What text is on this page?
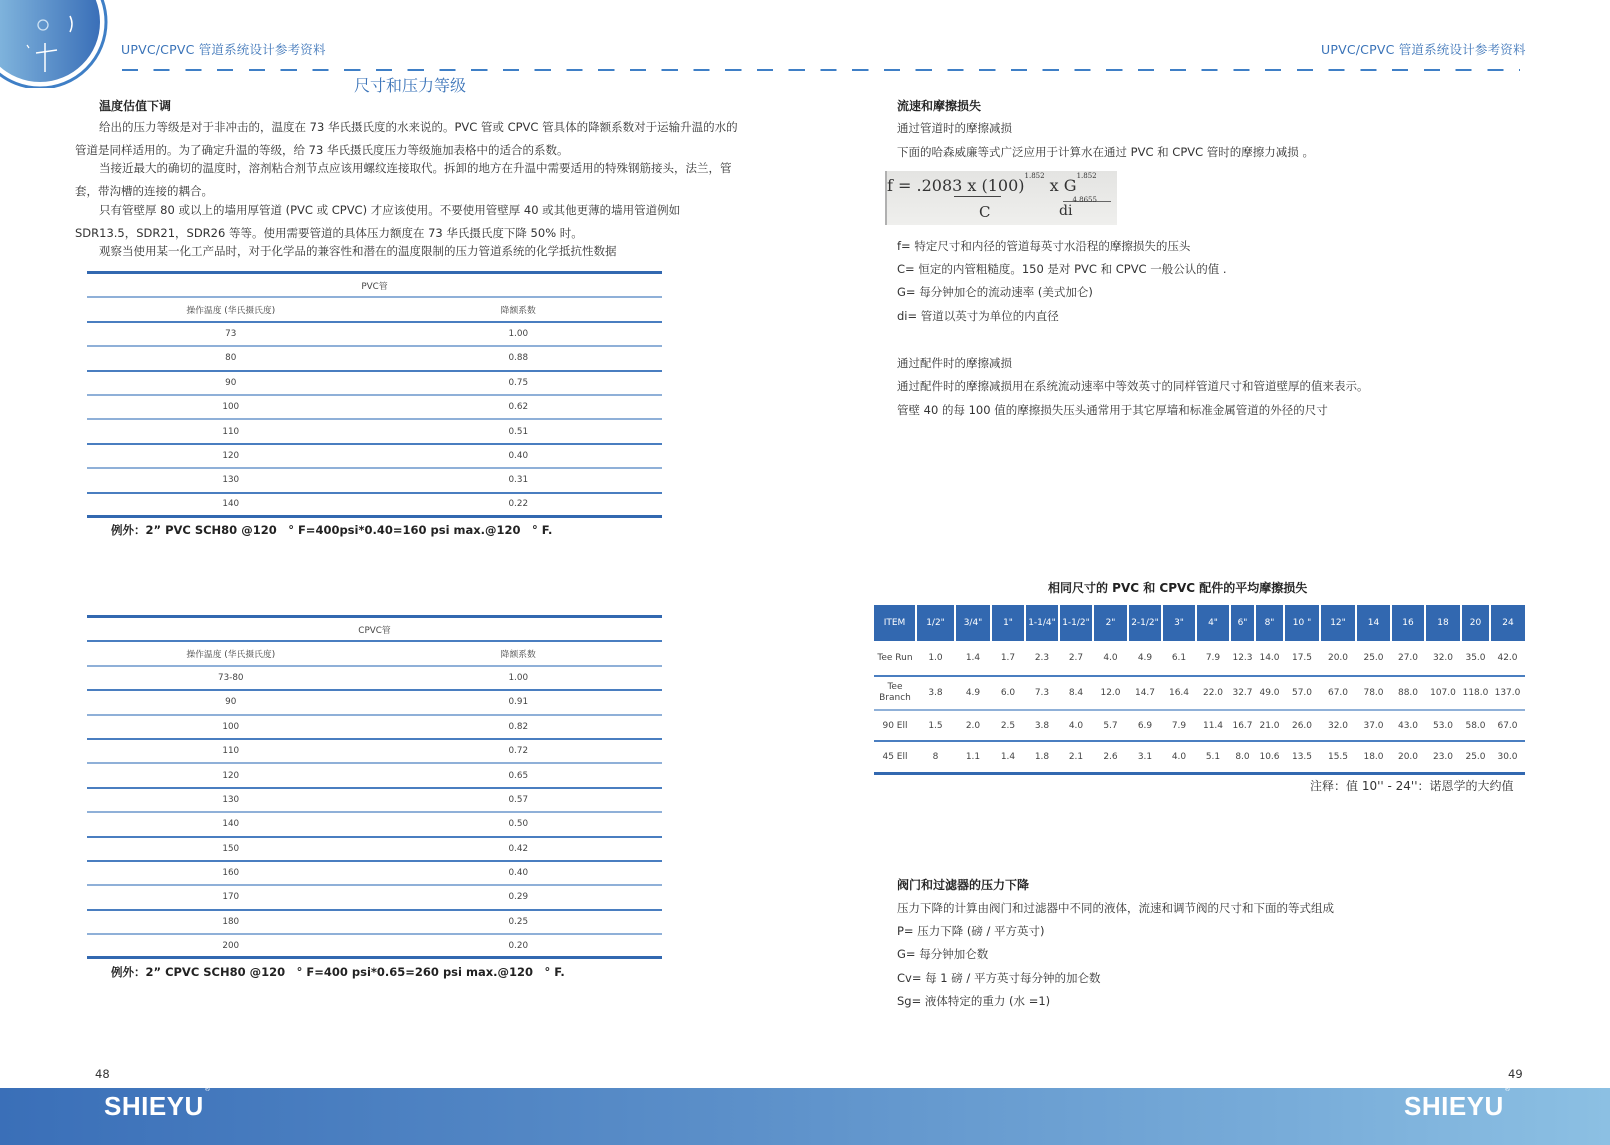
UPVC/CPVC 管道系统设计参考资料	UPVC/CPVC 管道系统设计参考资料
尺寸和压力等级
温度估值下调
给出的压力等级是对于非冲击的，温度在 73 华氏摄氏度的水来说的。PVC 管或 CPVC 管具体的降额系数对于运输升温的水的管道是同样适用的。为了确定升温的等级，给 73 华氏摄氏度压力等级施加表格中的适合的系数。
当接近最大的确切的温度时，溶剂粘合剂节点应该用螺纹连接取代。拆卸的地方在升温中需要适用的特殊钢筋接头，法兰，管套，带沟槽的连接的耦合。
只有管壁厚 80 或以上的墙用厚管道 (PVC 或 CPVC) 才应该使用。不要使用管壁厚 40 或其他更薄的墙用管道例如 SDR13.5，SDR21，SDR26 等等。使用需要管道的具体压力额度在 73 华氏摄氏度下降 50% 时。
观察当使用某一化工产品时，对于化学品的兼容性和潜在的温度限制的压力管道系统的化学抵抗性数据
PVC管
操作温度 (华氏摄氏度)	降额系数
73	1.00
80	0.88
90	0.75
100	0.62
110	0.51
120	0.40
130	0.31
140	0.22
例外：2” PVC SCH80 @120　° F=400psi*0.40=160 psi max.@120　° F.
CPVC管
操作温度 (华氏摄氏度)	降额系数
73-80	1.00
90	0.91
100	0.82
110	0.72
120	0.65
130	0.57
140	0.50
150	0.42
160	0.40
170	0.29
180	0.25
200	0.20
例外：2” CPVC SCH80 @120　° F=400 psi*0.65=260 psi max.@120　° F.
48
流速和摩擦损失
通过管道时的摩擦减损
下面的哈森威廉等式广泛应用于计算水在通过 PVC 和 CPVC 管时的摩擦力减损 。
f = .2083 x $(100)^{1.852}$ x $G^{1.852}$
C	$di^{4.8655}$
f= 特定尺寸和内径的管道每英寸水沿程的摩擦损失的压头
C= 恒定的内管粗糙度。150 是对 PVC 和 CPVC 一般公认的值 .
G= 每分钟加仑的流动速率 (美式加仑)
di= 管道以英寸为单位的内直径
通过配件时的摩擦减损
通过配件时的摩擦减损用在系统流动速率中等效英寸的同样管道尺寸和管道壁厚的值来表示。
管壁 40 的每 100 值的摩擦损失压头通常用于其它厚墙和标准金属管道的外径的尺寸
相同尺寸的 PVC 和 CPVC 配件的平均摩擦损失
ITEM	1/2"	3/4"	1"	1-1/4"	1-1/2"	2"	2-1/2"	3"	4"	6"	8"	10 "	12"	14	16	18	20	24
Tee Run	1.0	1.4	1.7	2.3	2.7	4.0	4.9	6.1	7.9	12.3	14.0	17.5	20.0	25.0	27.0	32.0	35.0	42.0
Tee Branch	3.8	4.9	6.0	7.3	8.4	12.0	14.7	16.4	22.0	32.7	49.0	57.0	67.0	78.0	88.0	107.0	118.0	137.0
90 Ell	1.5	2.0	2.5	3.8	4.0	5.7	6.9	7.9	11.4	16.7	21.0	26.0	32.0	37.0	43.0	53.0	58.0	67.0
45 Ell	8	1.1	1.4	1.8	2.1	2.6	3.1	4.0	5.1	8.0	10.6	13.5	15.5	18.0	20.0	23.0	25.0	30.0
注释：值 10'' - 24''：诺恩学的大约值
阀门和过滤器的压力下降
压力下降的计算由阀门和过滤器中不同的液体，流速和调节阀的尺寸和下面的等式组成
P= 压力下降 (磅 / 平方英寸)
G= 每分钟加仑数
Cv= 每 1 磅 / 平方英寸每分钟的加仑数
Sg= 液体特定的重力 (水 =1)
49
SHIEYU®
SHIEYU®
